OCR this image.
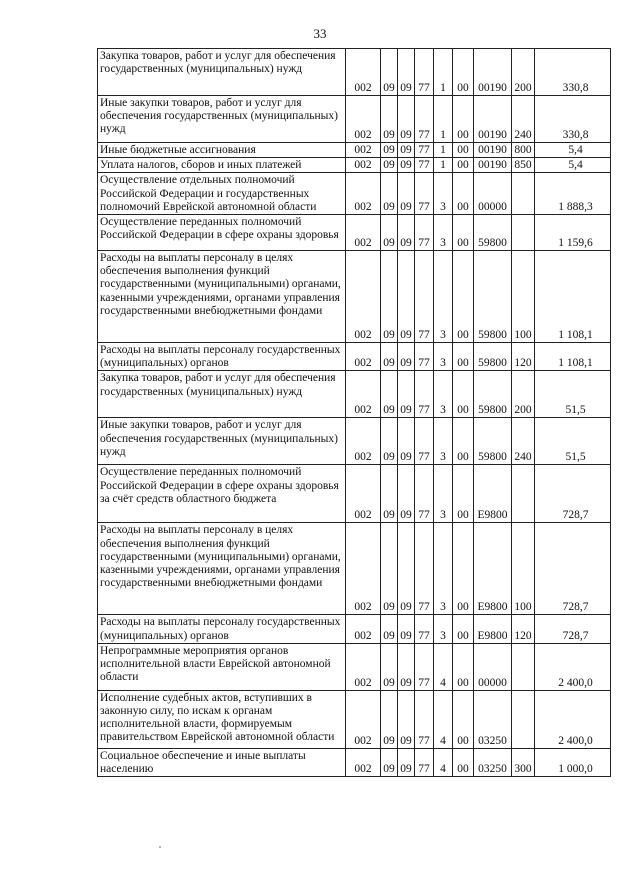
33
Закупка товаров, работ и услуг для обеспечения государственных (муниципальных) нужд	002	09	09	77	1	00	00190	200	330,8
Иные закупки товаров, работ и услуг для обеспечения государственных (муниципальных) нужд	002	09	09	77	1	00	00190	240	330,8
Иные бюджетные ассигнования	002	09	09	77	1	00	00190	800	5,4
Уплата налогов, сборов и иных платежей	002	09	09	77	1	00	00190	850	5,4
Осуществление отдельных полномочий Российской Федерации и государственных полномочий Еврейской автономной области	002	09	09	77	3	00	00000		1 888,3
Осуществление переданных полномочий Российской Федерации в сфере охраны здоровья	002	09	09	77	3	00	59800		1 159,6
Расходы на выплаты персоналу в целях обеспечения выполнения функций государственными (муниципальными) органами, казенными учреждениями, органами управления государственными внебюджетными фондами	002	09	09	77	3	00	59800	100	1 108,1
Расходы на выплаты персоналу государственных (муниципальных) органов	002	09	09	77	3	00	59800	120	1 108,1
Закупка товаров, работ и услуг для обеспечения государственных (муниципальных) нужд	002	09	09	77	3	00	59800	200	51,5
Иные закупки товаров, работ и услуг для обеспечения государственных (муниципальных) нужд	002	09	09	77	3	00	59800	240	51,5
Осуществление переданных полномочий Российской Федерации в сфере охраны здоровья за счёт средств областного бюджета	002	09	09	77	3	00	E9800		728,7
Расходы на выплаты персоналу в целях обеспечения выполнения функций государственными (муниципальными) органами, казенными учреждениями, органами управления государственными внебюджетными фондами	002	09	09	77	3	00	E9800	100	728,7
Расходы на выплаты персоналу государственных (муниципальных) органов	002	09	09	77	3	00	E9800	120	728,7
Непрограммные мероприятия органов исполнительной власти Еврейской автономной области	002	09	09	77	4	00	00000		2 400,0
Исполнение судебных актов, вступивших в законную силу, по искам к органам исполнительной власти, формируемым правительством Еврейской автономной области	002	09	09	77	4	00	03250		2 400,0
Социальное обеспечение и иные выплаты населению	002	09	09	77	4	00	03250	300	1 000,0
